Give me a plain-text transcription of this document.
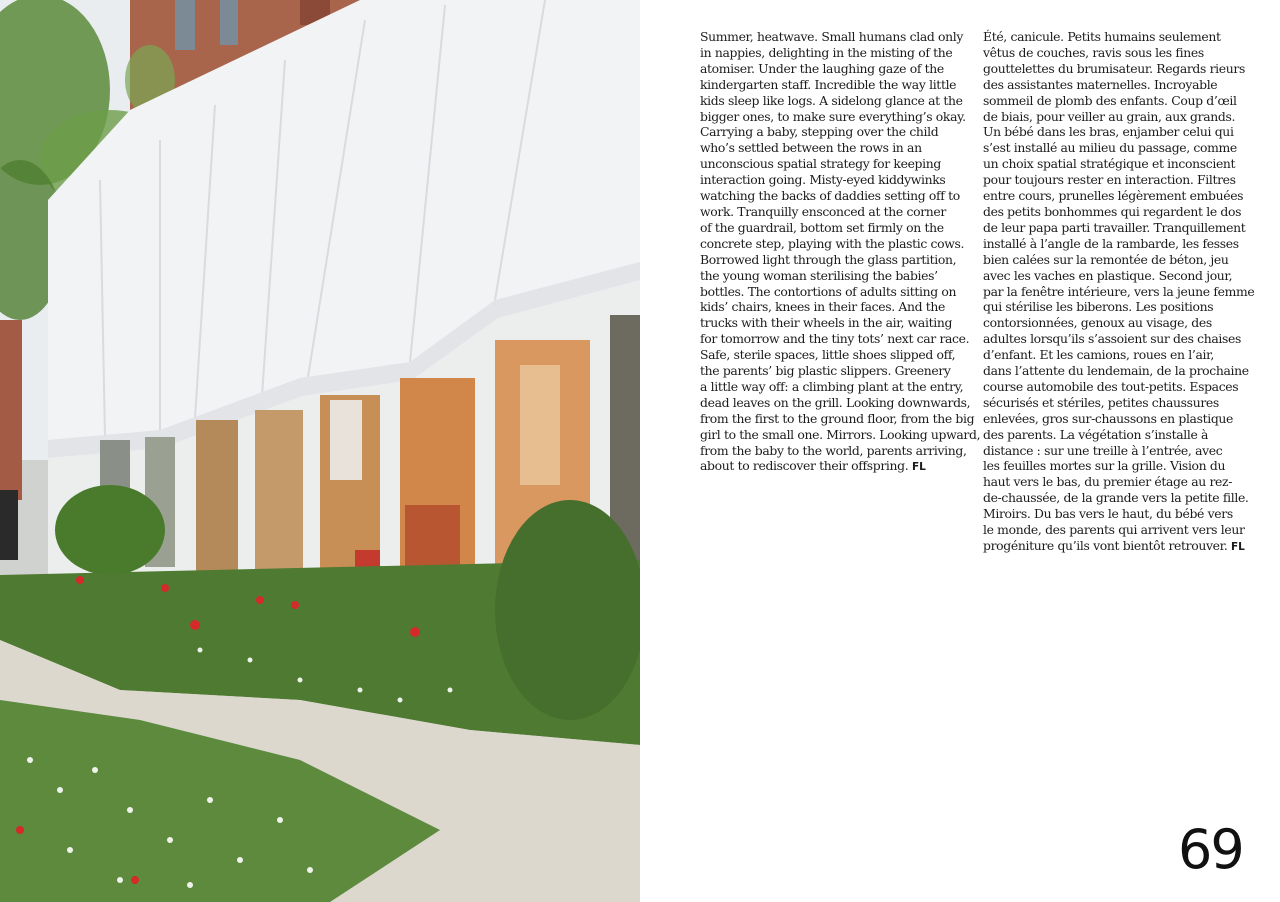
Summer, heatwave. Small humans clad only
in nappies, delighting in the misting of the
atomiser. Under the laughing gaze of the
kindergarten staff. Incredible the way little
kids sleep like logs. A sidelong glance at the
bigger ones, to make sure everything’s okay.
Carrying a baby, stepping over the child
who’s settled between the rows in an
unconscious spatial strategy for keeping
interaction going. Misty-eyed kiddywinks
watching the backs of daddies setting off to
work. Tranquilly ensconced at the corner
of the guardrail, bottom set firmly on the
concrete step, playing with the plastic cows.
Borrowed light through the glass partition,
the young woman sterilising the babies’
bottles. The contortions of adults sitting on
kids’ chairs, knees in their faces. And the
trucks with their wheels in the air, waiting
for tomorrow and the tiny tots’ next car race.
Safe, sterile spaces, little shoes slipped off,
the parents’ big plastic slippers. Greenery
a little way off: a climbing plant at the entry,
dead leaves on the grill. Looking downwards,
from the first to the ground floor, from the big
girl to the small one. Mirrors. Looking upward,
from the baby to the world, parents arriving,
about to rediscover their offspring. FL
Été, canicule. Petits humains seulement
vêtus de couches, ravis sous les fines
gouttelettes du brumisateur. Regards rieurs
des assistantes maternelles. Incroyable
sommeil de plomb des enfants. Coup d’œil
de biais, pour veiller au grain, aux grands.
Un bébé dans les bras, enjamber celui qui
s’est installé au milieu du passage, comme
un choix spatial stratégique et inconscient
pour toujours rester en interaction. Filtres
entre cours, prunelles légèrement embuées
des petits bonhommes qui regardent le dos
de leur papa parti travailler. Tranquillement
installé à l’angle de la rambarde, les fesses
bien calées sur la remontée de béton, jeu
avec les vaches en plastique. Second jour,
par la fenêtre intérieure, vers la jeune femme
qui stérilise les biberons. Les positions
contorsionnées, genoux au visage, des
adultes lorsqu’ils s’assoient sur des chaises
d’enfant. Et les camions, roues en l’air,
dans l’attente du lendemain, de la prochaine
course automobile des tout-petits. Espaces
sécurisés et stériles, petites chaussures
enlevées, gros sur-chaussons en plastique
des parents. La végétation s’installe à
distance : sur une treille à l’entrée, avec
les feuilles mortes sur la grille. Vision du
haut vers le bas, du premier étage au rez-
de-chaussée, de la grande vers la petite fille.
Miroirs. Du bas vers le haut, du bébé vers
le monde, des parents qui arrivent vers leur
progéniture qu’ils vont bientôt retrouver. FL
69
